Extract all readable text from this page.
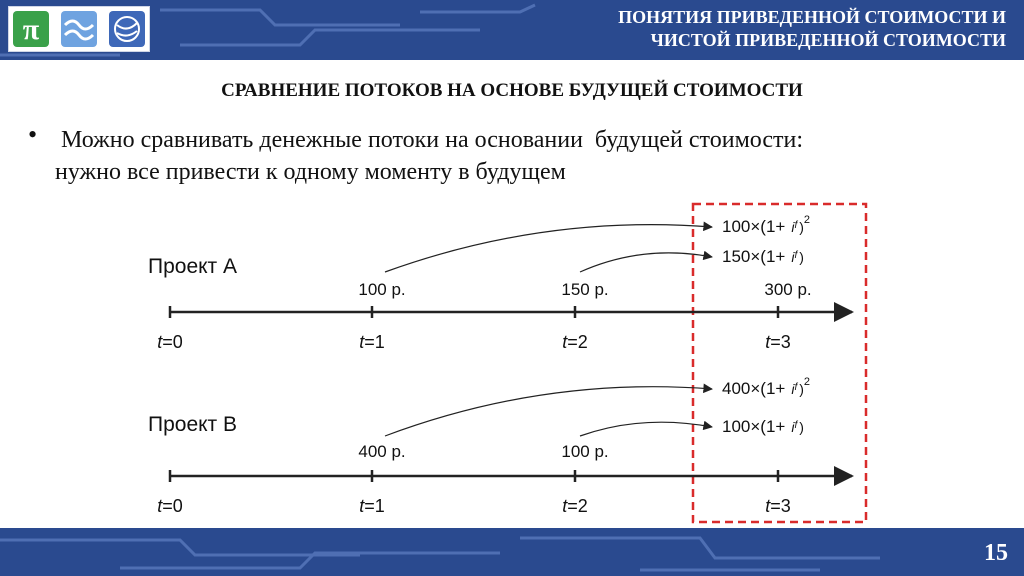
π	ПОНЯТИЯ ПРИВЕДЕННОЙ СТОИМОСТИ И
ЧИСТОЙ ПРИВЕДЕННОЙ СТОИМОСТИ
СРАВНЕНИЕ ПОТОКОВ НА ОСНОВЕ БУДУЩЕЙ СТОИМОСТИ
• Можно сравнивать денежные потоки на основании  будущей стоимости:
нужно все привести к одному моменту в будущем
Проект А
t=0	t=1
100 р.
t=2
150 р.
t=3
300 р.
$100\times(1+ i^f$ $_)^2$
$150\times(1+ i^f$ $_)$
Проект В
t=0	t=1
400 р.
t=2
100 р.
t=3
$400\times(1+ i^f$ $_)^2$
$100\times(1+ i^f$ $_)$
15
